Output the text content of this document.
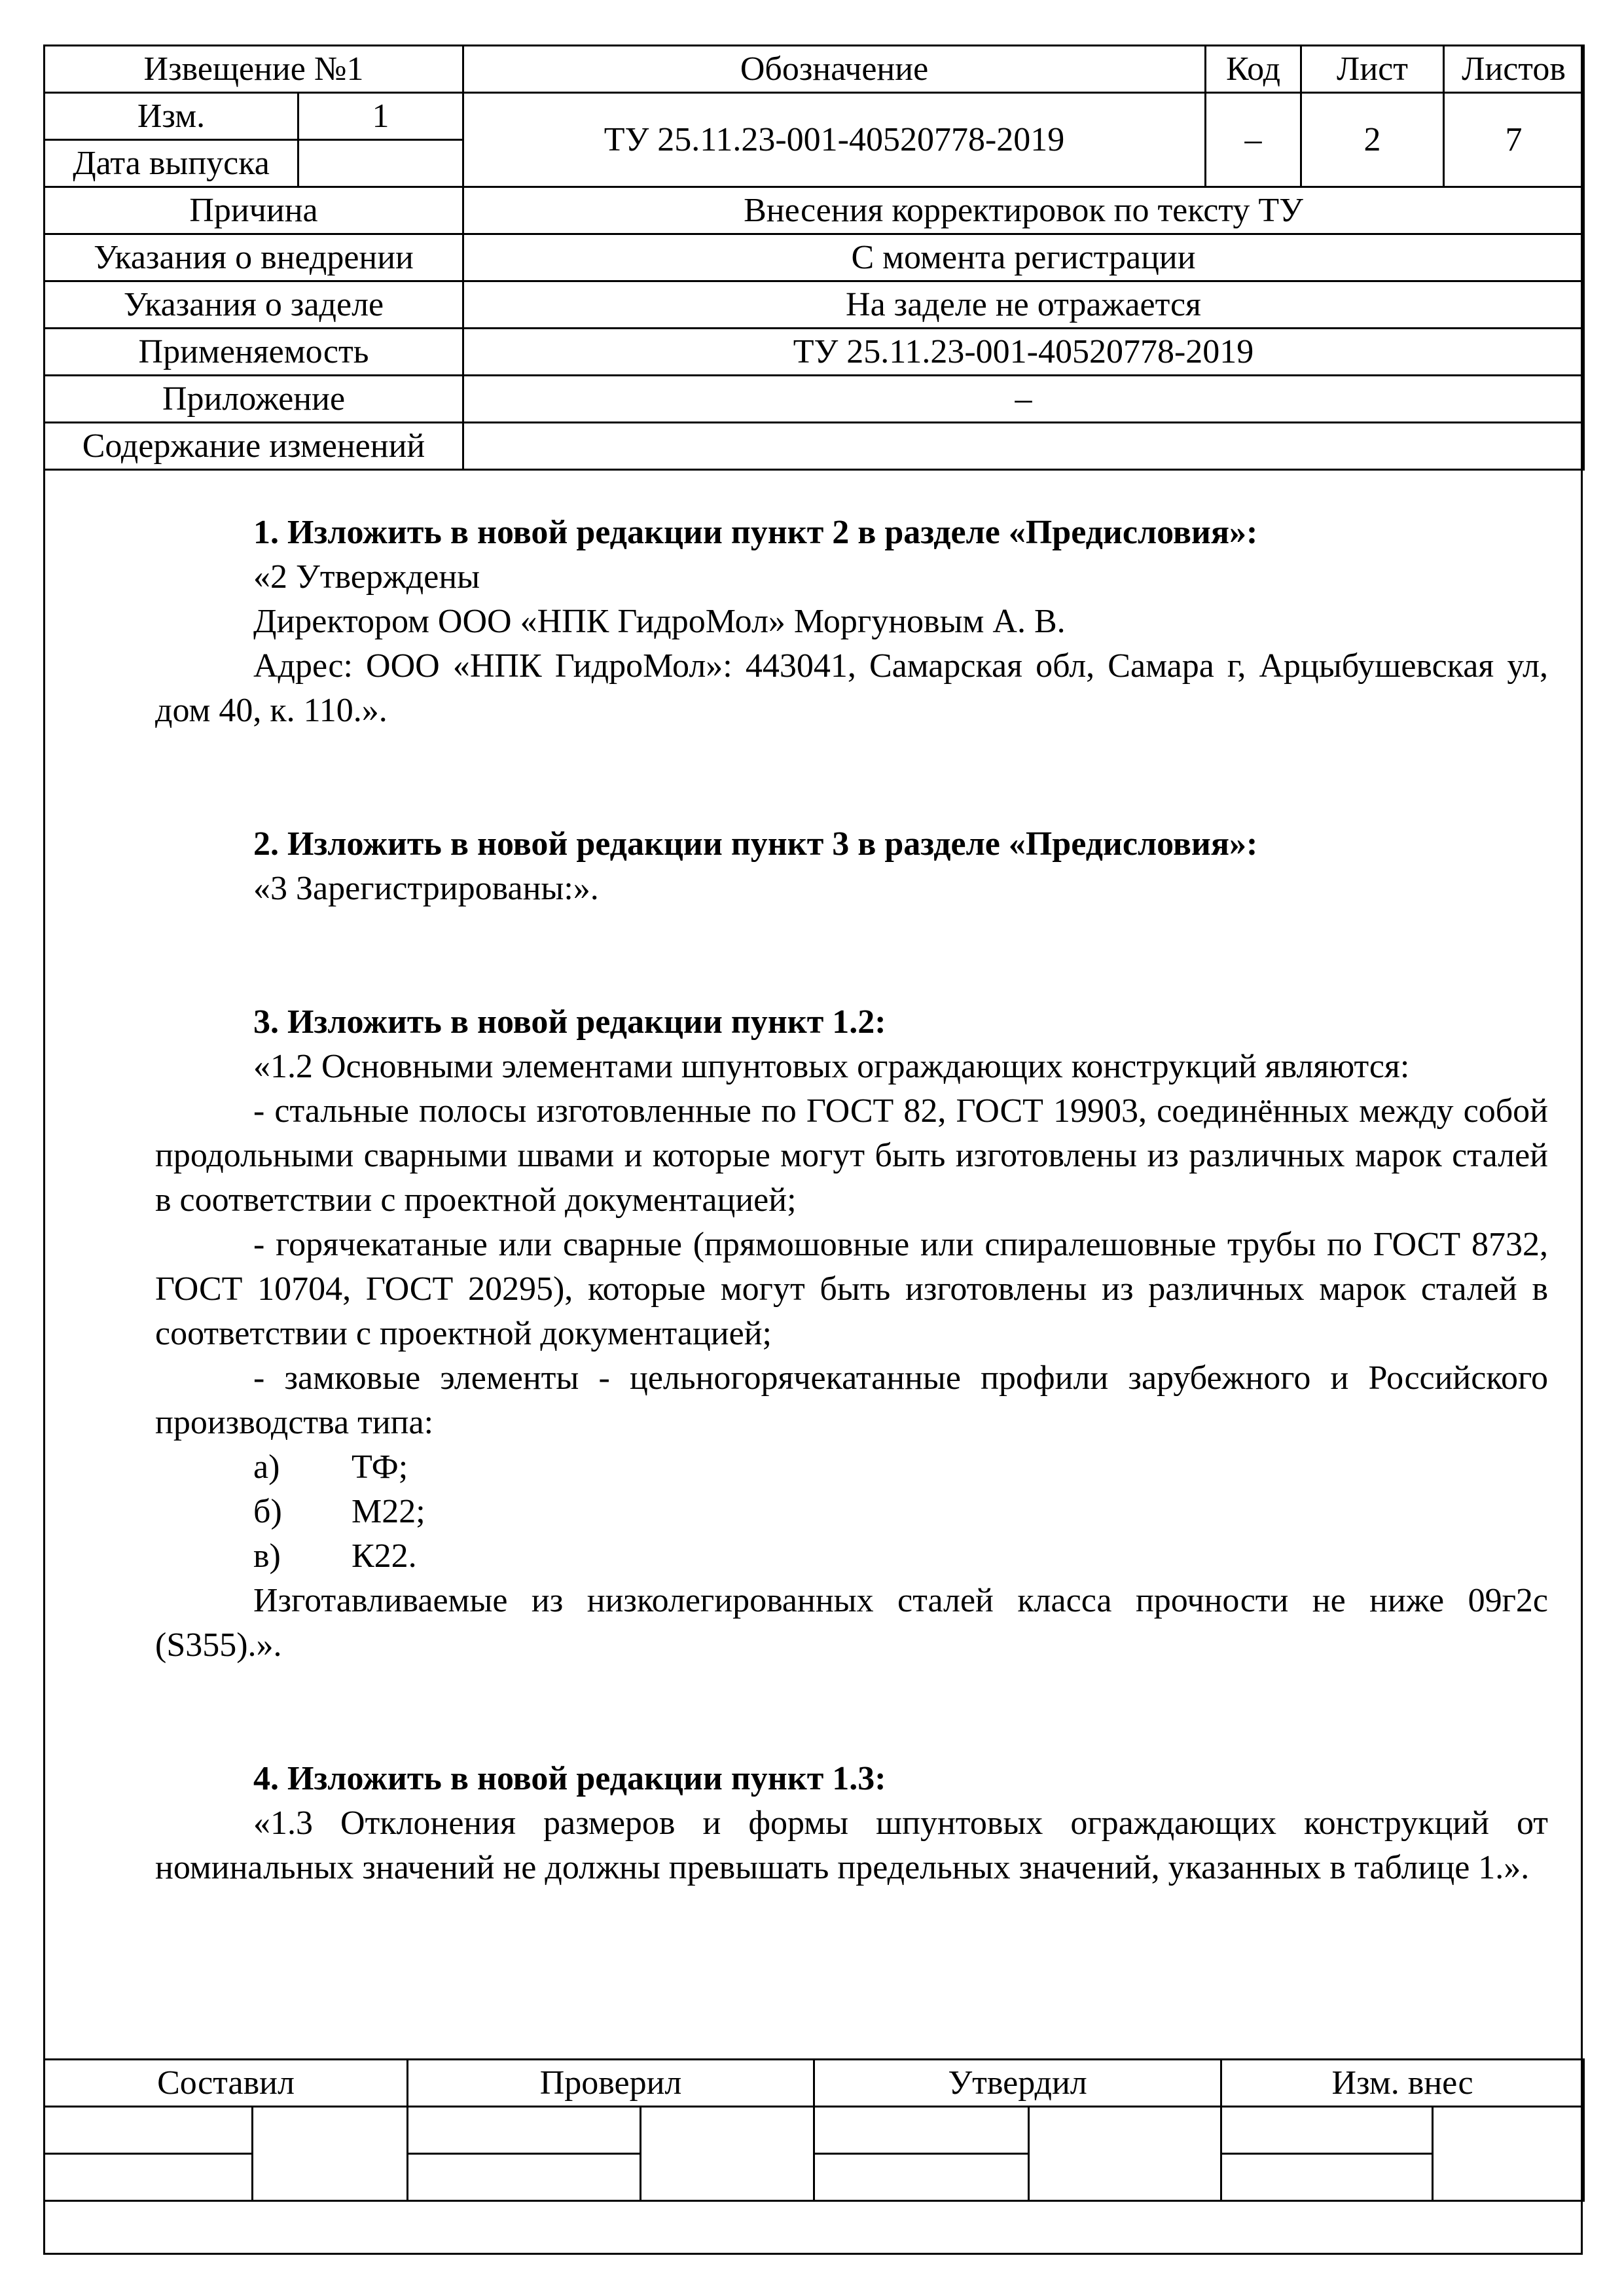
Извещение №1		Обозначение	Код	Лист	Листов
Изм.	1	ТУ 25.11.23-001-40520778-2019	–	2	7
Дата выпуска					
Причина		Внесения корректировок по тексту ТУ			
Указания о внедрении		С момента регистрации			
Указания о заделе		На заделе не отражается			
Применяемость		ТУ 25.11.23-001-40520778-2019			
Приложение		–			
Содержание изменений					
1. Изложить в новой редакции пункт 2 в разделе «Предисловия»:
«2 Утверждены
Директором ООО «НПК ГидроМол» Моргуновым А. В.
Адрес: ООО «НПК ГидроМол»: 443041, Самарская обл, Самара г, Арцыбушевская ул, дом 40, к. 110.».
2. Изложить в новой редакции пункт 3 в разделе «Предисловия»:
«3 Зарегистрированы:».
3. Изложить в новой редакции пункт 1.2:
«1.2 Основными элементами шпунтовых ограждающих конструкций являются:
- стальные полосы изготовленные по ГОСТ 82, ГОСТ 19903, соединённых между собой продольными сварными швами и которые могут быть изготовлены из различных марок сталей в соответствии с проектной документацией;
- горячекатаные или сварные (прямошовные или спиралешовные трубы по ГОСТ 8732, ГОСТ 10704, ГОСТ 20295), которые могут быть изготовлены из различных марок сталей в соответствии с проектной документацией;
- замковые элементы - цельногорячекатанные профили зарубежного и Российского производства типа:
а) ТФ;
б) М22;
в) К22.
Изготавливаемые из низколегированных сталей класса прочности не ниже 09г2с (S355).».
4. Изложить в новой редакции пункт 1.3:
«1.3 Отклонения размеров и формы шпунтовых ограждающих конструкций от номинальных значений не должны превышать предельных значений, указанных в таблице 1.».
Составил		Проверил		Утвердил		Изм. внес	
